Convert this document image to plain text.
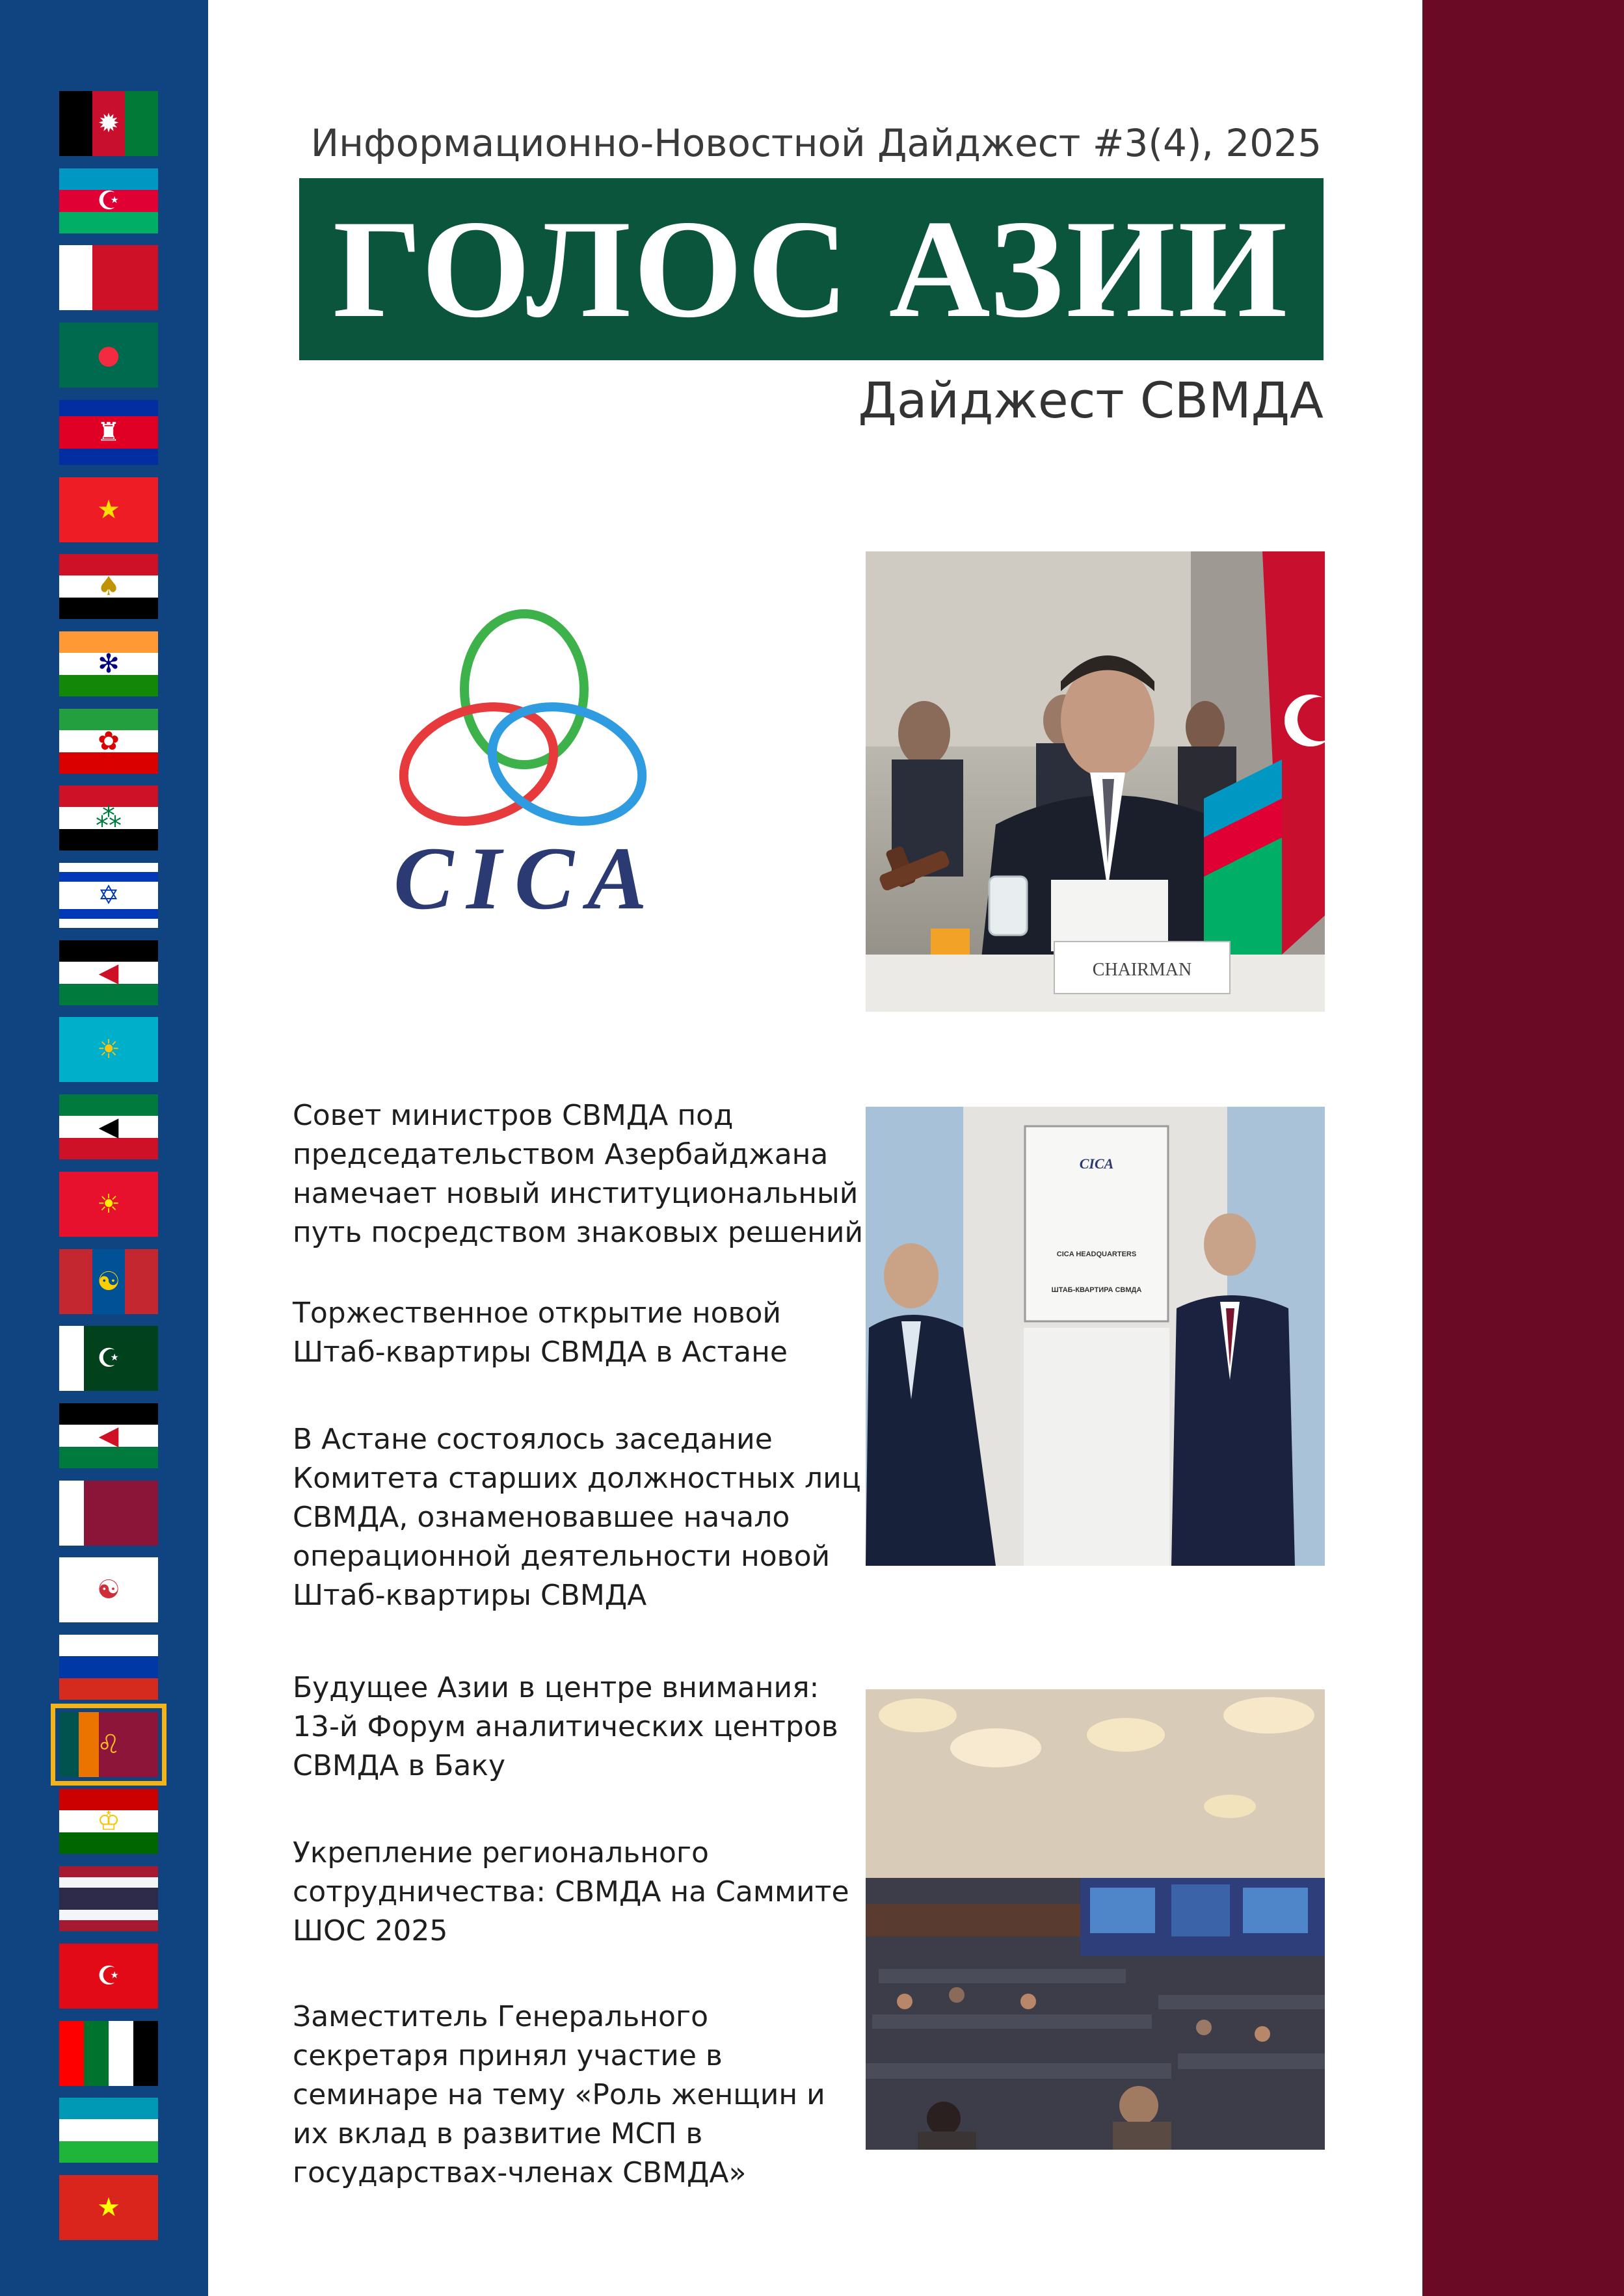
✹
☪
●
♜
★
♠
✻
✿
⁂
✡
◀
☀
◀
☀
☯
☪
◀
☯
♌
♔
☪
☾
★
Информационно-Новостной Дайджест #3(4), 2025
ГОЛОС АЗИИ
Дайджест СВМДА
CICA
CHAIRMAN
CICA
CICA HEADQUARTERS
ШТАБ-КВАРТИРА СВМДА
Совет министров СВМДА под председательством Азербайджана намечает новый институциональный путь посредством знаковых решений
Торжественное открытие новой Штаб-квартиры СВМДА в Астане
В Астане состоялось заседание Комитета старших должностных лиц СВМДА, ознаменовавшее начало операционной деятельности новой Штаб-квартиры СВМДА
Будущее Азии в центре внимания: 13-й Форум аналитических центров СВМДА в Баку
Укрепление регионального сотрудничества: СВМДА на Саммите ШОС 2025
Заместитель Генерального секретаря принял участие в семинаре на тему «Роль женщин и их вклад в развитие МСП в государствах-членах СВМДА»
